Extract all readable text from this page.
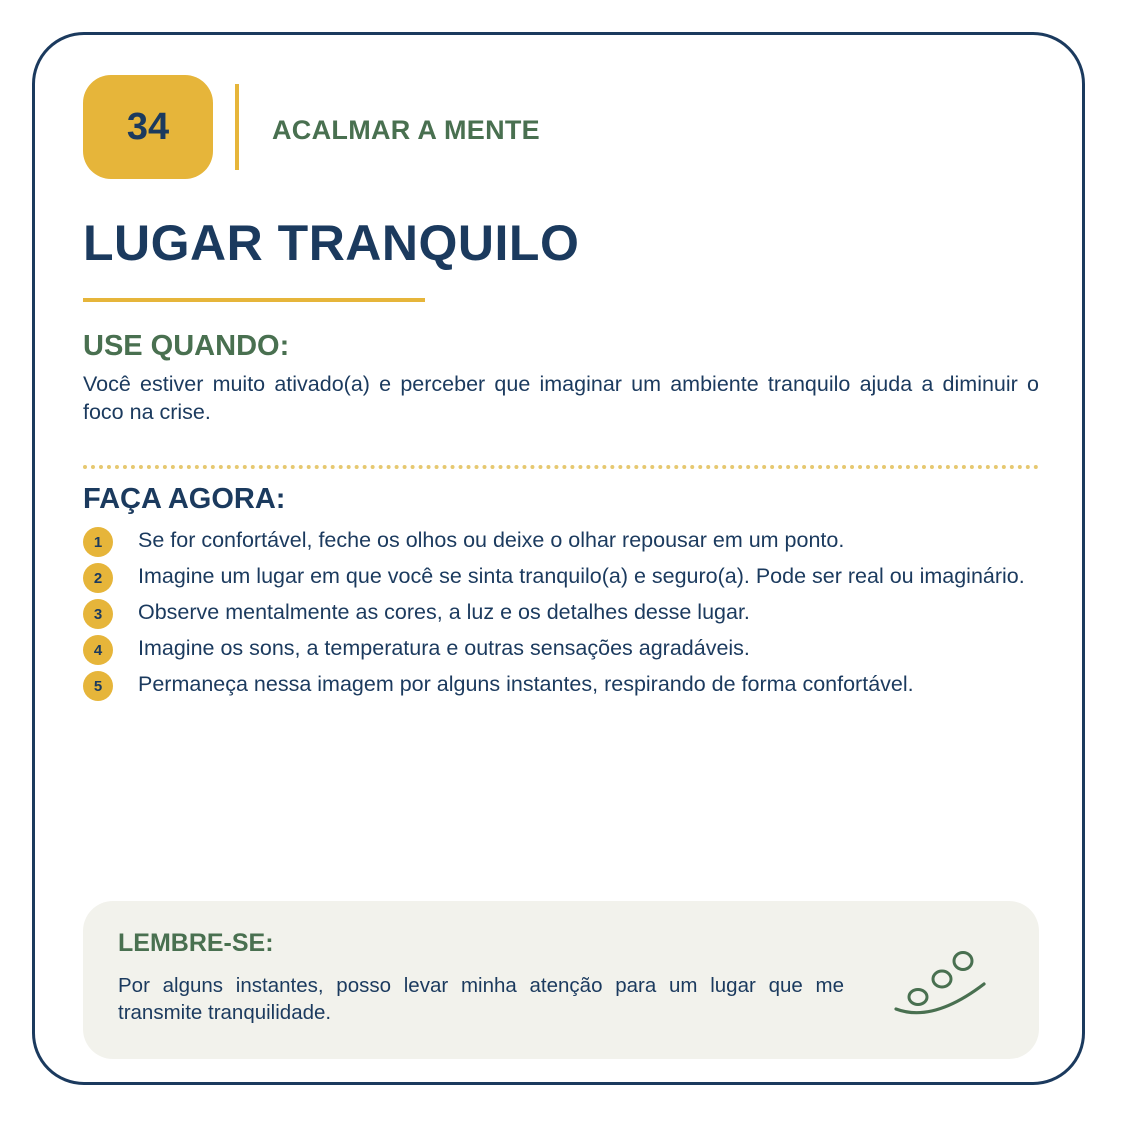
34	ACALMAR A MENTE
LUGAR TRANQUILO
USE QUANDO:
Você estiver muito ativado(a) e perceber que imaginar um ambiente tranquilo ajuda a diminuir o foco na crise.
FAÇA AGORA:
1	Se for confortável, feche os olhos ou deixe o olhar repousar em um ponto.
2	Imagine um lugar em que você se sinta tranquilo(a) e seguro(a). Pode ser real ou imaginário.
3	Observe mentalmente as cores, a luz e os detalhes desse lugar.
4	Imagine os sons, a temperatura e outras sensações agradáveis.
5	Permaneça nessa imagem por alguns instantes, respirando de forma confortável.
LEMBRE-SE:
Por alguns instantes, posso levar minha atenção para um lugar que me transmite tranquilidade.
